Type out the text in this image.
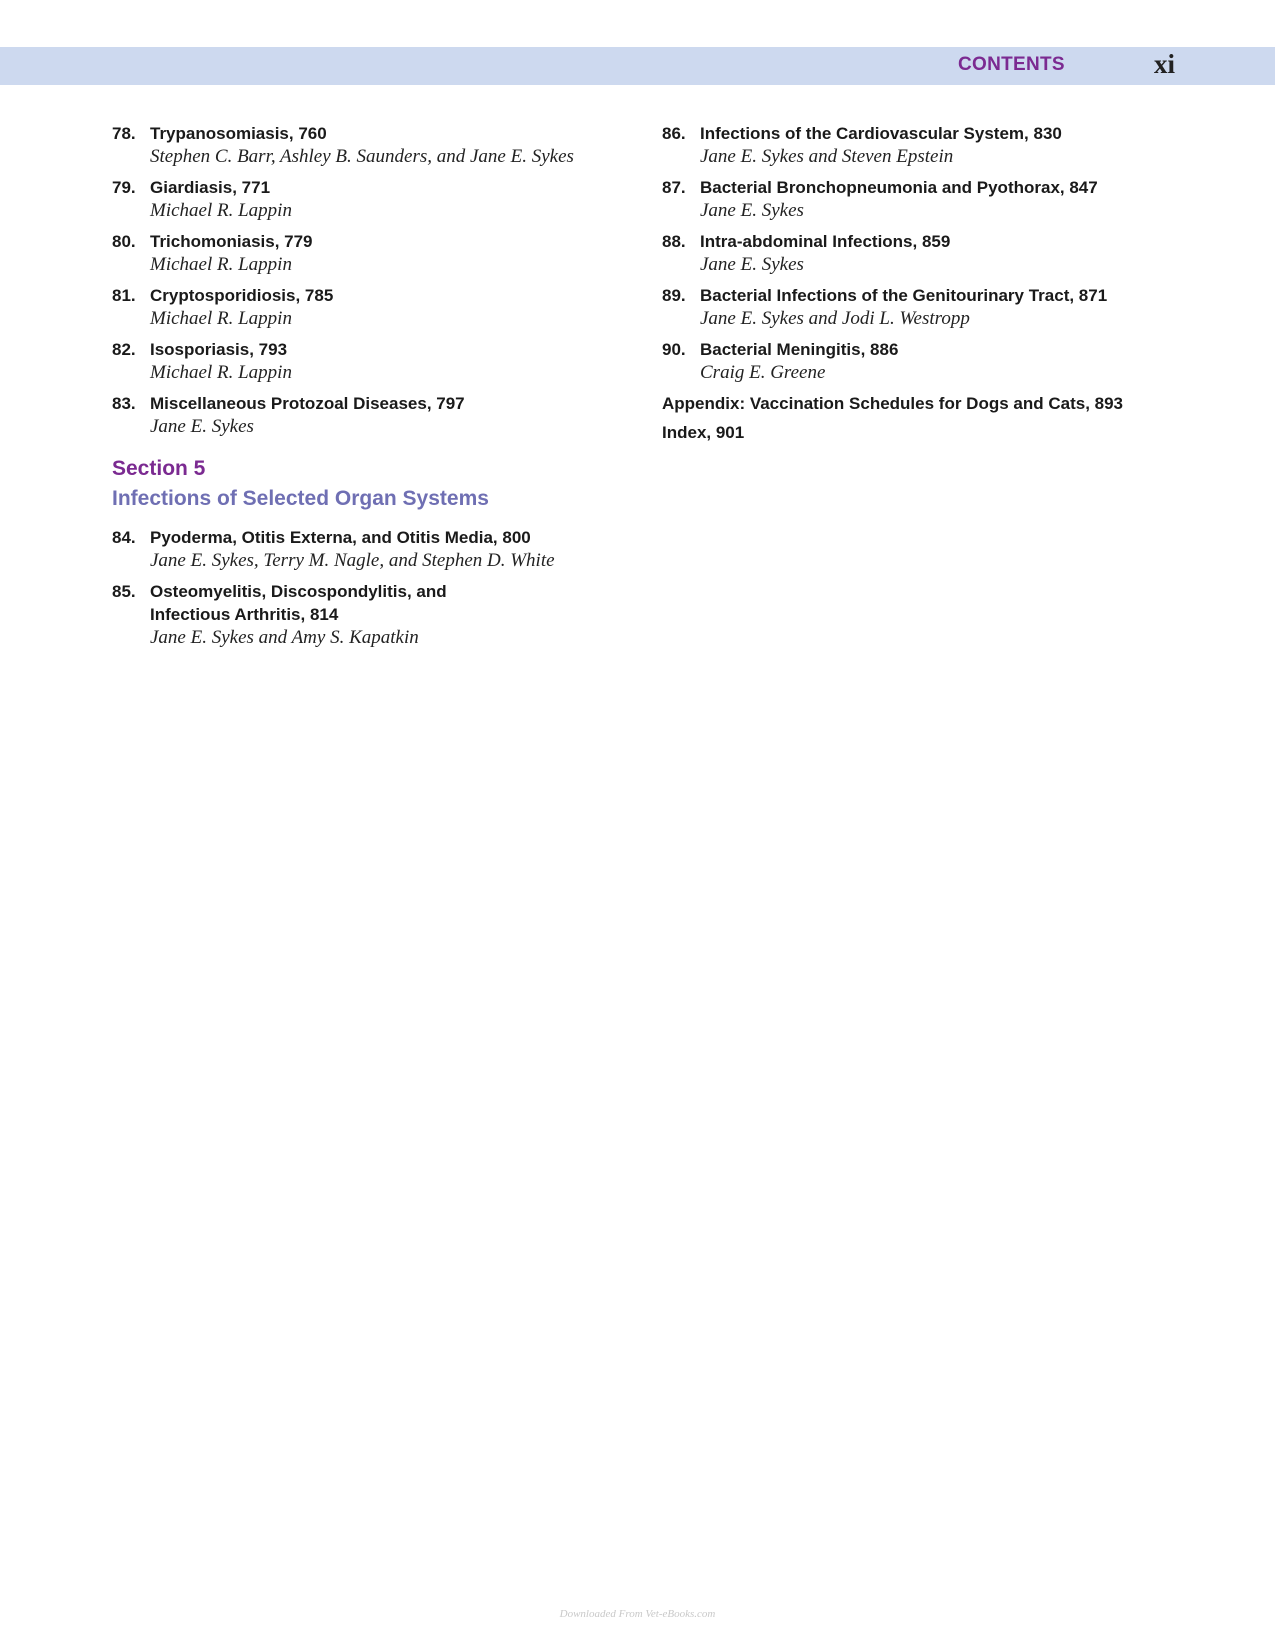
CONTENTS	xi
78. Trypanosomiasis, 760
Stephen C. Barr, Ashley B. Saunders, and Jane E. Sykes
79. Giardiasis, 771
Michael R. Lappin
80. Trichomoniasis, 779
Michael R. Lappin
81. Cryptosporidiosis, 785
Michael R. Lappin
82. Isosporiasis, 793
Michael R. Lappin
83. Miscellaneous Protozoal Diseases, 797
Jane E. Sykes
Section 5
Infections of Selected Organ Systems
84. Pyoderma, Otitis Externa, and Otitis Media, 800
Jane E. Sykes, Terry M. Nagle, and Stephen D. White
85. Osteomyelitis, Discospondylitis, and
Infectious Arthritis, 814
Jane E. Sykes and Amy S. Kapatkin
86. Infections of the Cardiovascular System, 830
Jane E. Sykes and Steven Epstein
87. Bacterial Bronchopneumonia and Pyothorax, 847
Jane E. Sykes
88. Intra-abdominal Infections, 859
Jane E. Sykes
89. Bacterial Infections of the Genitourinary Tract, 871
Jane E. Sykes and Jodi L. Westropp
90. Bacterial Meningitis, 886
Craig E. Greene
Appendix: Vaccination Schedules for Dogs and Cats, 893
Index, 901
Downloaded From Vet-eBooks.com
